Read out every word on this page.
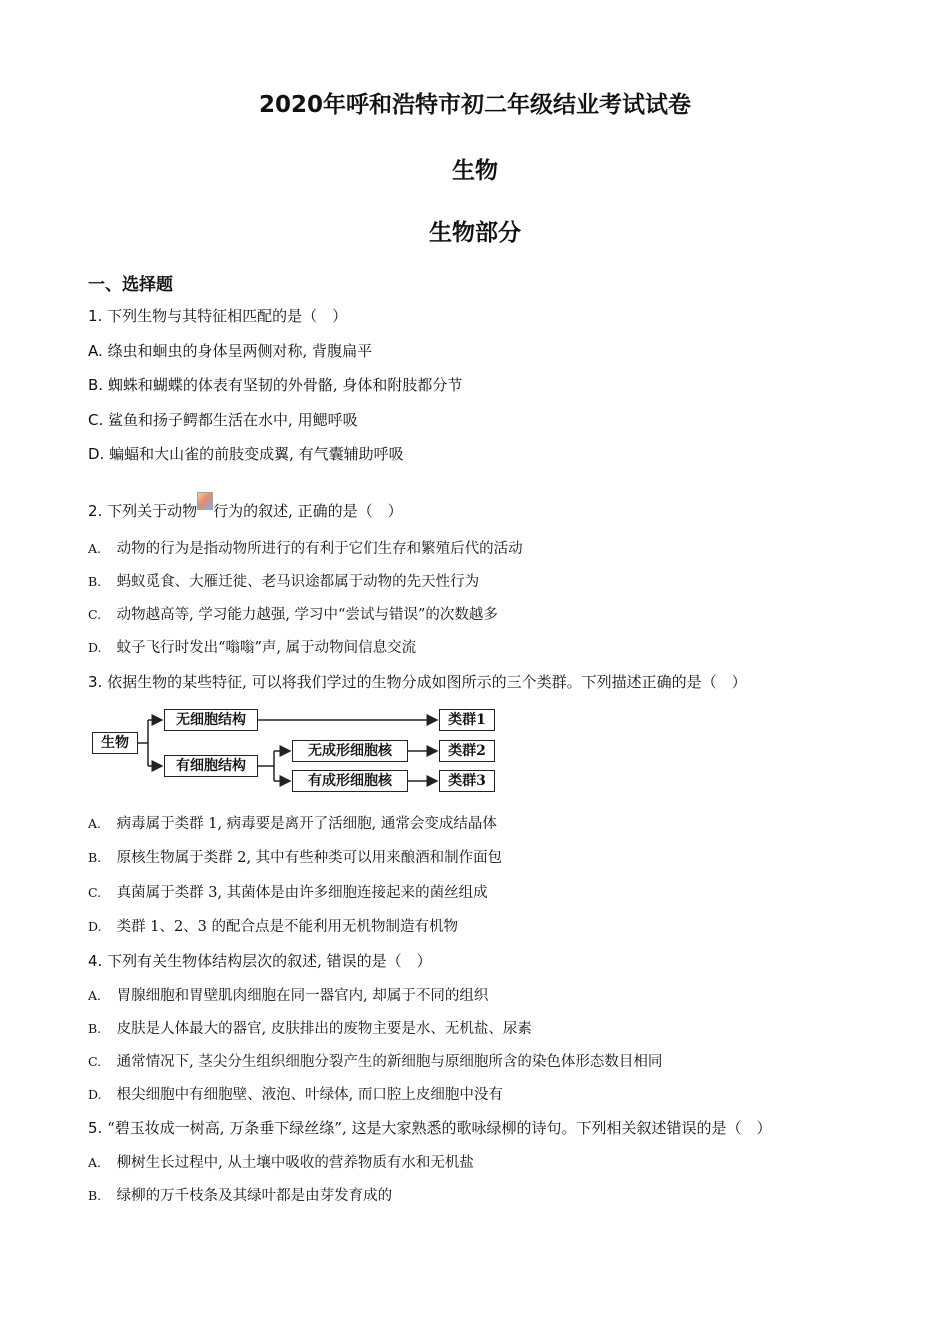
2020年呼和浩特市初二年级结业考试试卷
生物
生物部分
一、选择题

1. 下列生物与其特征相匹配的是（　）

A. 绦虫和蛔虫的身体呈两侧对称, 背腹扁平

B. 蜘蛛和蝴蝶的体表有坚韧的外骨骼, 身体和附肢都分节

C. 鲨鱼和扬子鳄都生活在水中, 用鳃呼吸

D. 蝙蝠和大山雀的前肢变成翼, 有气囊辅助呼吸

2. 下列关于动物 行为的叙述, 正确的是（　）

A. 动物的行为是指动物所进行的有利于它们生存和繁殖后代的活动

B. 蚂蚁觅食、大雁迁徙、老马识途都属于动物的先天性行为

C. 动物越高等, 学习能力越强, 学习中“尝试与错误”的次数越多

D. 蚊子飞行时发出“嗡嗡”声, 属于动物间信息交流

3. 依据生物的某些特征, 可以将我们学过的生物分成如图所示的三个类群。下列描述正确的是（　）

生物
无细胞结构
有细胞结构
无成形细胞核
有成形细胞核
类群1
类群2
类群3

A. 病毒属于类群 1, 病毒要是离开了活细胞, 通常会变成结晶体

B. 原核生物属于类群 2, 其中有些种类可以用来酿酒和制作面包

C. 真菌属于类群 3, 其菌体是由许多细胞连接起来的菌丝组成

D. 类群 1、2、3 的配合点是不能利用无机物制造有机物

4. 下列有关生物体结构层次的叙述, 错误的是（　）

A. 胃腺细胞和胃壁肌肉细胞在同一器官内, 却属于不同的组织

B. 皮肤是人体最大的器官, 皮肤排出的废物主要是水、无机盐、尿素

C. 通常情况下, 茎尖分生组织细胞分裂产生的新细胞与原细胞所含的染色体形态数目相同

D. 根尖细胞中有细胞壁、液泡、叶绿体, 而口腔上皮细胞中没有

5. “碧玉妆成一树高, 万条垂下绿丝绦”, 这是大家熟悉的歌咏绿柳的诗句。下列相关叙述错误的是（　）

A. 柳树生长过程中, 从土壤中吸收的营养物质有水和无机盐

B. 绿柳的万千枝条及其绿叶都是由芽发育成的
